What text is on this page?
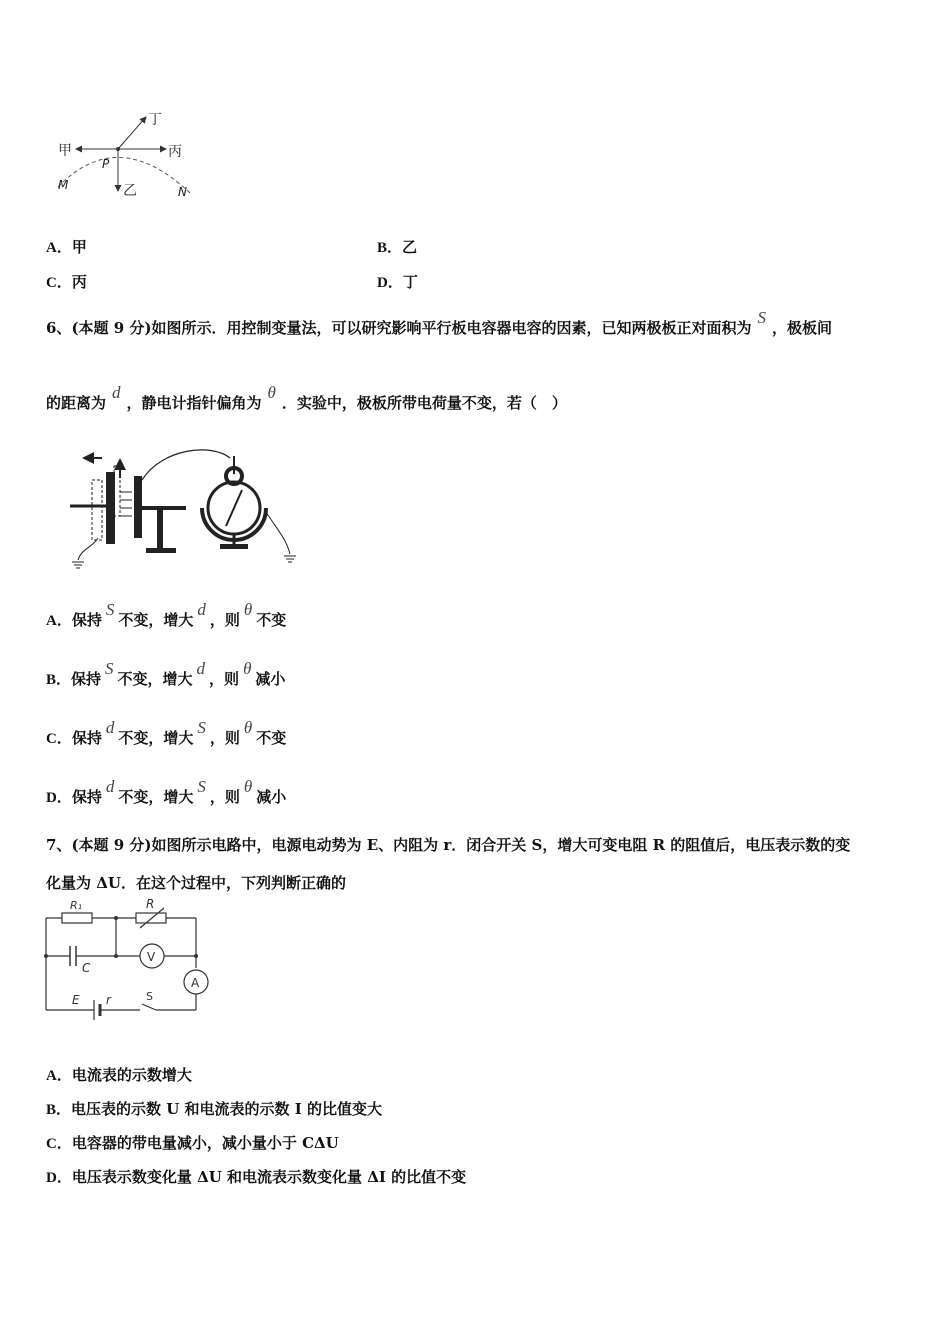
甲	丙
乙
丁
P
M	N
A．甲	B．乙
C．丙	D．丁
6、(本题 9 分)如图所示．用控制变量法，可以研究影响平行板电容器电容的因素，已知两极板正对面积为S，极板间
的距离为d，静电计指针偏角为θ．实验中，极板所带电荷量不变，若（　）
A．保持S不变，增大d，则θ不变
B．保持S不变，增大d，则θ减小
C．保持d不变，增大S，则θ不变
D．保持d不变，增大S，则θ减小
7、(本题 9 分)如图所示电路中，电源电动势为 E、内阻为 r．闭合开关 S，增大可变电阻 R 的阻值后，电压表示数的变
化量为 ΔU．在这个过程中，下列判断正确的
R₁	R
C
V
A
E r	S
A．电流表的示数增大
B．电压表的示数 U 和电流表的示数 I 的比值变大
C．电容器的带电量减小，减小量小于 CΔU
D．电压表示数变化量 ΔU 和电流表示数变化量 ΔI 的比值不变
